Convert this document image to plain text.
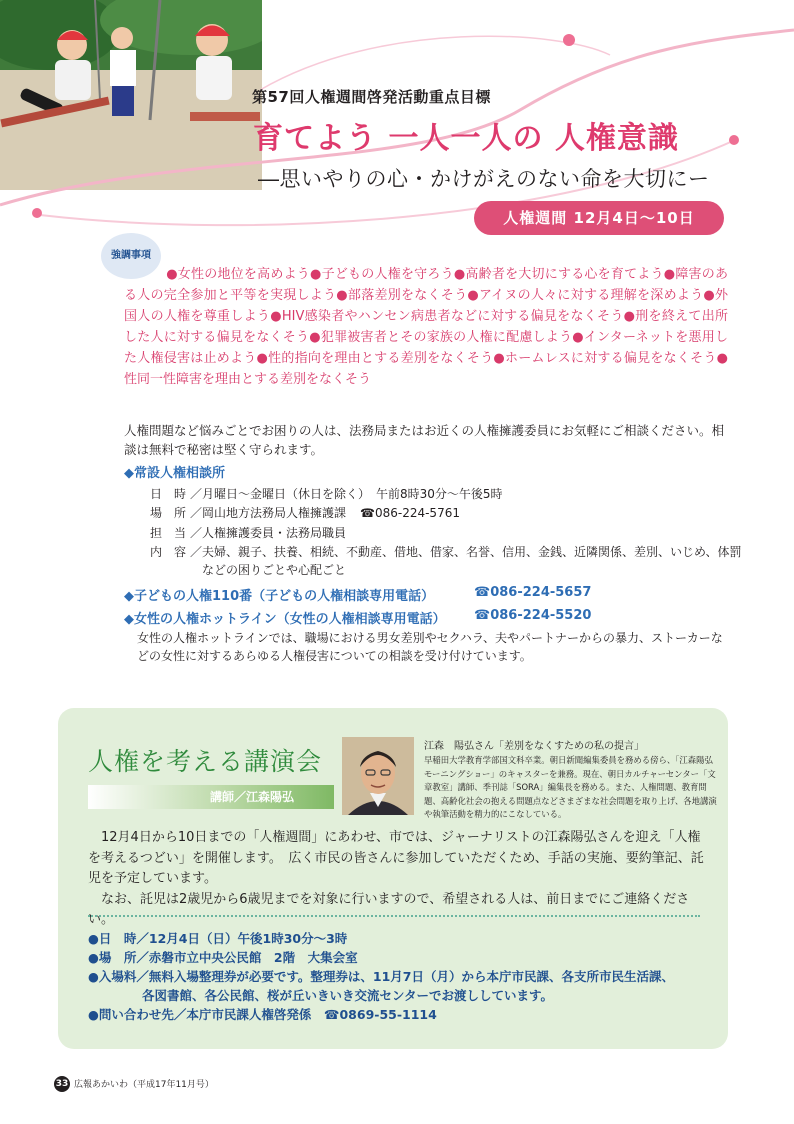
第57回人権週間啓発活動重点目標
育てよう 一人一人の 人権意識
―思いやりの心・かけがえのない命を大切にー
人権週間 12月4日〜10日
強調事項
●女性の地位を高めよう●子どもの人権を守ろう●高齢者を大切にする心を育てよう●障害のある人の完全参加と平等を実現しよう●部落差別をなくそう●アイヌの人々に対する理解を深めよう●外国人の人権を尊重しよう●HIV感染者やハンセン病患者などに対する偏見をなくそう●刑を終えて出所した人に対する偏見をなくそう●犯罪被害者とその家族の人権に配慮しよう●インターネットを悪用した人権侵害は止めよう●性的指向を理由とする差別をなくそう●ホームレスに対する偏見をなくそう●性同一性障害を理由とする差別をなくそう
人権問題など悩みごとでお困りの人は、法務局またはお近くの人権擁護委員にお気軽にご相談ください。相談は無料で秘密は堅く守られます。
◆常設人権相談所
日　時 ／月曜日〜金曜日（休日を除く）　午前8時30分〜午後5時
場　所 ／岡山地方法務局人権擁護課 ☎086-224-5761
担　当 ／人権擁護委員・法務局職員
内　容 ／夫婦、親子、扶養、相続、不動産、借地、借家、名誉、信用、金銭、近隣関係、差別、いじめ、体罰
　などの困りごとや心配ごと
◆子どもの人権110番（子どもの人権相談専用電話）	☎086-224-5657
◆女性の人権ホットライン（女性の人権相談専用電話） ☎086-224-5520
女性の人権ホットラインでは、職場における男女差別やセクハラ、夫やパートナーからの暴力、ストーカーなどの女性に対するあらゆる人権侵害についての相談を受け付けています。
人権を考える講演会
講師／江森陽弘
江森　陽弘さん「差別をなくすための私の提言」
早稲田大学教育学部国文科卒業。朝日新聞編集委員を務める傍ら、「江森陽弘モーニングショー」のキャスターを兼務。現在、朝日カルチャーセンター「文章教室」講師、季刊誌「SORA」編集長を務める。また、人権問題、教育問題、高齢化社会の抱える問題点などさまざまな社会問題を取り上げ、各地講演や執筆活動を精力的にこなしている。

12月4日から10日までの「人権週間」にあわせ、市では、ジャーナリストの江森陽弘さんを迎え「人権を考えるつどい」を開催します。　広く市民の皆さんに参加していただくため、手話の実施、要約筆記、託児を予定しています。

なお、託児は2歳児から6歳児までを対象に行いますので、希望される人は、前日までにご連絡ください。

●日　時／12月4日（日）午後1時30分〜3時
●場　所／赤磐市立中央公民館　2階　大集会室
●入場料／無料入場整理券が必要です。整理券は、11月7日（月）から本庁市民課、各支所市民生活課、
各図書館、各公民館、桜が丘いきいき交流センターでお渡ししています。
●問い合わせ先／本庁市民課人権啓発係　☎0869-55-1114
33 広報あかいわ（平成17年11月号）
